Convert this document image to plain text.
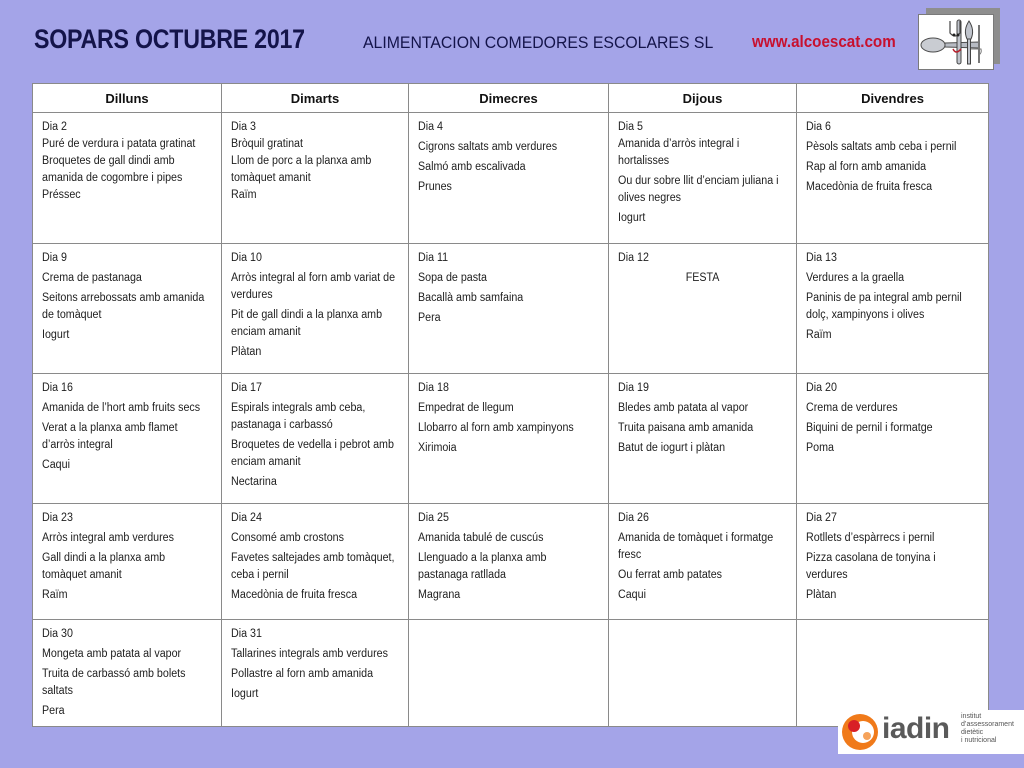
SOPARS OCTUBRE 2017	ALIMENTACION COMEDORES ESCOLARES SL www.alcoescat.com
Dilluns	Dimarts	Dimecres	Dijous	Divendres

Dia 2
Puré de verdura i patata gratinat
Broquetes de gall dindi amb amanida de cogombre i pipes
Préssec	Dia 3
Bròquil gratinat
Llom de porc a la planxa amb tomàquet amanit
Raïm	Dia 4
Cigrons saltats amb verdures
Salmó amb escalivada
Prunes	Dia 5
Amanida d’arròs integral i hortalisses
Ou dur sobre llit d’enciam juliana i olives negres
Iogurt	Dia 6
Pèsols saltats amb ceba i pernil
Rap al forn amb amanida
Macedònia de fruita fresca

Dia 9
Crema de pastanaga
Seitons arrebossats amb amanida de tomàquet
Iogurt	Dia 10
Arròs integral al forn amb variat de verdures
Pit de gall dindi a la planxa amb enciam amanit
Plàtan	Dia 11
Sopa de pasta
Bacallà amb samfaina
Pera	Dia 12
FESTA	Dia 13
Verdures a la graella
Paninis de pa integral amb pernil dolç, xampinyons i olives
Raïm

Dia 16
Amanida de l’hort amb fruits secs
Verat a la planxa amb flamet d’arròs integral
Caqui	Dia 17
Espirals integrals amb ceba, pastanaga i carbassó
Broquetes de vedella i pebrot amb enciam amanit
Nectarina	Dia 18
Empedrat de llegum
Llobarro al forn amb xampinyons
Xirimoia	Dia 19
Bledes amb patata al vapor
Truita paisana amb amanida
Batut de iogurt i plàtan	Dia 20
Crema de verdures
Biquini de pernil i formatge
Poma

Dia 23
Arròs integral amb verdures
Gall dindi a la planxa amb tomàquet amanit
Raïm	Dia 24
Consomé amb crostons
Favetes saltejades amb tomàquet, ceba i pernil
Macedònia de fruita fresca	Dia 25
Amanida tabulé de cuscús
Llenguado a la planxa amb pastanaga ratllada
Magrana	Dia 26
Amanida de tomàquet i formatge fresc
Ou ferrat amb patates
Caqui	Dia 27
Rotllets d’espàrrecs i pernil
Pizza casolana de tonyina i verdures
Plàtan

Dia 30
Mongeta amb patata al vapor
Truita de carbassó amb bolets saltats
Pera	Dia 31
Tallarines integrals amb verdures
Pollastre al forn amb amanida
Iogurt			

iadin institut
d’assessorament
dietètic
i nutricional
